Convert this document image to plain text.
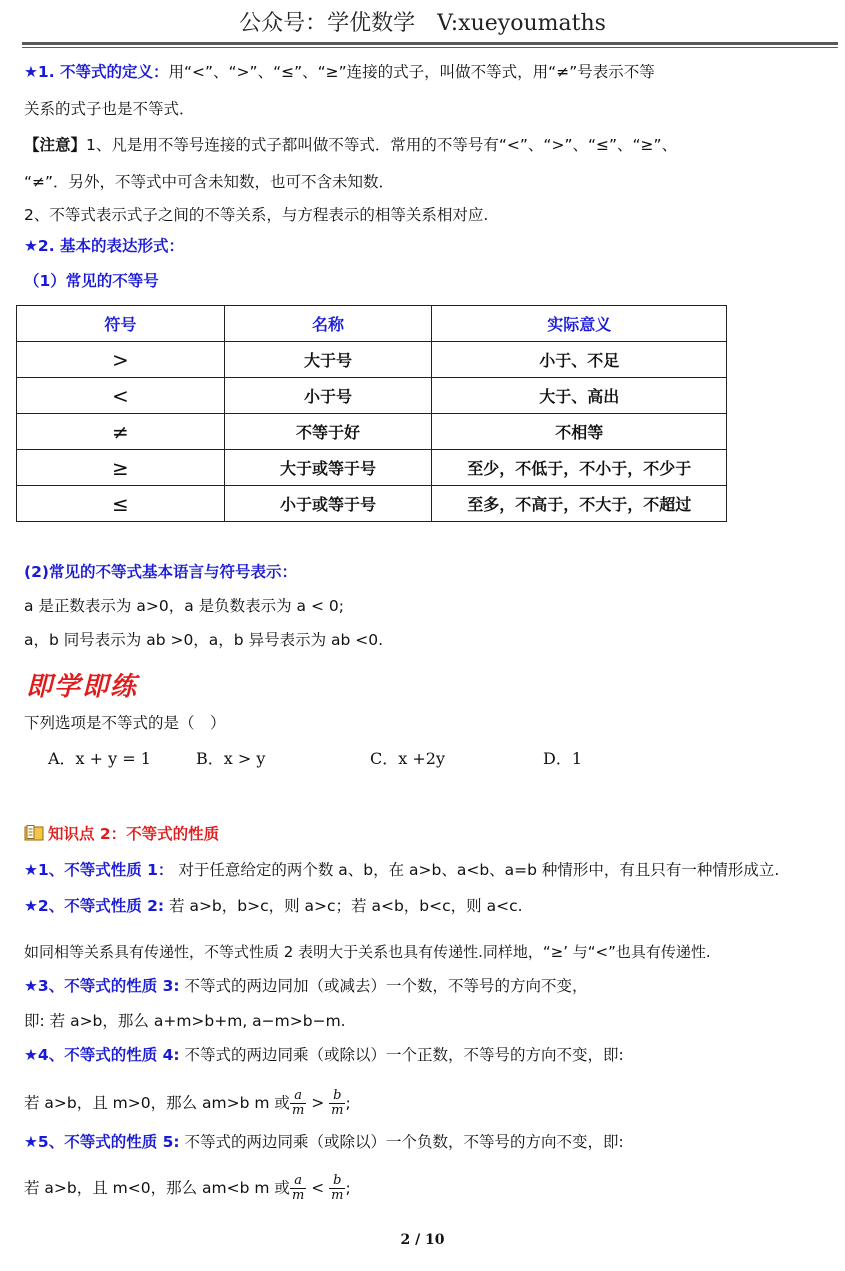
公众号：学优数学　V:xueyoumaths
★1. 不等式的定义：用“<”、“>”、“≤”、“≥”连接的式子，叫做不等式，用“≠”号表示不等
关系的式子也是不等式．
【注意】1、凡是用不等号连接的式子都叫做不等式．常用的不等号有“<”、“>”、“≤”、“≥”、
“≠”．另外，不等式中可含未知数，也可不含未知数．
2、不等式表示式子之间的不等关系，与方程表示的相等关系相对应.
★2. 基本的表达形式：
（1）常见的不等号
符号	名称	实际意义
>	大于号	小于、不足
<	小于号	大于、高出
≠	不等于好	不相等
≥	大于或等于号	至少，不低于，不小于，不少于
≤	小于或等于号	至多，不高于，不大于，不超过
(2)常见的不等式基本语言与符号表示：
a 是正数表示为 a>0，a 是负数表示为 a < 0;
a，b 同号表示为 ab >0，a，b 异号表示为 ab <0.
即学即练
下列选项是不等式的是（　）
A．x + y = 1	B．x > y	C．x +2y	D．1
知识点 2：不等式的性质
★1、不等式性质 1： 对于任意给定的两个数 a、b，在 a>b、a<b、a=b 种情形中，有且只有一种情形成立.
★2、不等式性质 2: 若 a>b，b>c，则 a>c；若 a<b，b<c，则 a<c.
如同相等关系具有传递性，不等式性质 2 表明大于关系也具有传递性.同样地，“≥’ 与“<”也具有传递性.
★3、不等式的性质 3: 不等式的两边同加（或减去）一个数，不等号的方向不变，
即: 若 a>b，那么 a+m>b+m, a−m>b−m.
★4、不等式的性质 4: 不等式的两边同乘（或除以）一个正数，不等号的方向不变，即:
若 a>b，且 m>0，那么 am>b m 或 $\frac{a}{m} > \frac{b}{m}$ ;
★5、不等式的性质 5: 不等式的两边同乘（或除以）一个负数，不等号的方向不变，即:
若 a>b，且 m<0，那么 am<b m 或 $\frac{a}{m} < \frac{b}{m}$ ;
2 / 10
